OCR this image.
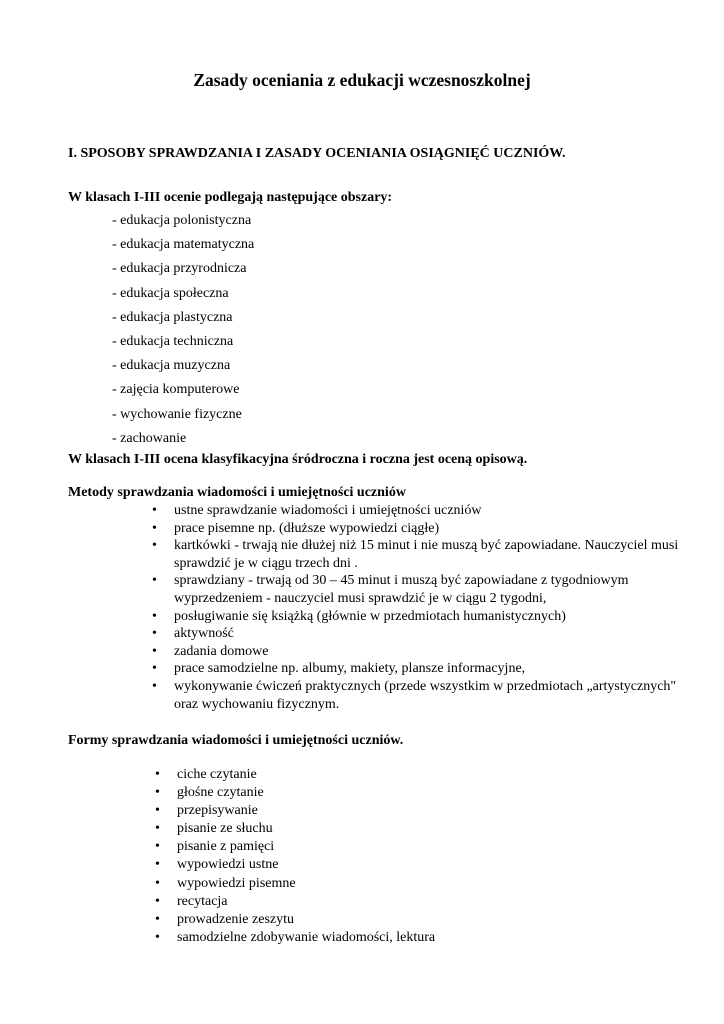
Zasady oceniania z edukacji wczesnoszkolnej

I. SPOSOBY SPRAWDZANIA I ZASADY OCENIANIA OSIĄGNIĘĆ UCZNIÓW.

W klasach I-III ocenie podlegają następujące obszary:

- edukacja polonistyczna
- edukacja matematyczna
- edukacja przyrodnicza
- edukacja społeczna
- edukacja plastyczna
- edukacja techniczna
- edukacja muzyczna
- zajęcia komputerowe
- wychowanie fizyczne
- zachowanie

W klasach I-III ocena klasyfikacyjna śródroczna i roczna jest oceną opisową.

Metody sprawdzania wiadomości i umiejętności uczniów

• ustne sprawdzanie wiadomości i umiejętności uczniów
• prace pisemne np. (dłuższe wypowiedzi ciągłe)
• kartkówki - trwają nie dłużej niż 15 minut i nie muszą być zapowiadane. Nauczyciel musi sprawdzić je w ciągu trzech dni .
• sprawdziany - trwają od 30 – 45 minut i muszą być zapowiadane z tygodniowym wyprzedzeniem - nauczyciel musi sprawdzić je w ciągu 2 tygodni,
• posługiwanie się książką (głównie w przedmiotach humanistycznych)
• aktywność
• zadania domowe
• prace samodzielne np. albumy, makiety, plansze informacyjne,
• wykonywanie ćwiczeń praktycznych (przede wszystkim w przedmiotach „artystycznych" oraz wychowaniu fizycznym.

Formy sprawdzania wiadomości i umiejętności uczniów.

• ciche czytanie
• głośne czytanie
• przepisywanie
• pisanie ze słuchu
• pisanie z pamięci
• wypowiedzi ustne
• wypowiedzi pisemne
• recytacja
• prowadzenie zeszytu
• samodzielne zdobywanie wiadomości, lektura
